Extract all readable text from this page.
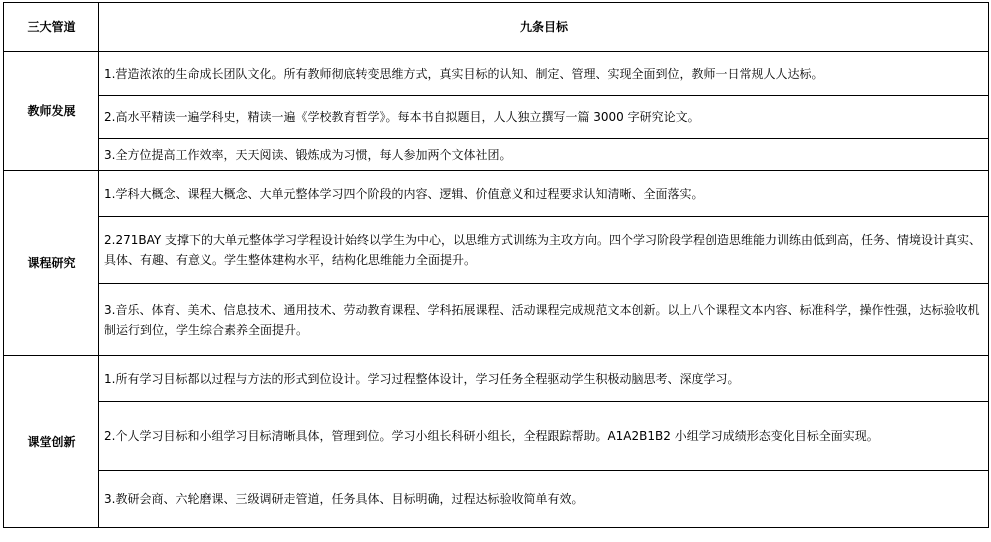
三大管道	九条目标
教师发展	1.营造浓浓的生命成长团队文化。所有教师彻底转变思维方式，真实目标的认知、制定、管理、实现全面到位，教师一日常规人人达标。
	2.高水平精读一遍学科史，精读一遍《学校教育哲学》。每本书自拟题目，人人独立撰写一篇 3000 字研究论文。
	3.全方位提高工作效率，天天阅读、锻炼成为习惯，每人参加两个文体社团。
课程研究	1.学科大概念、课程大概念、大单元整体学习四个阶段的内容、逻辑、价值意义和过程要求认知清晰、全面落实。
	2.271BAY 支撑下的大单元整体学习学程设计始终以学生为中心，以思维方式训练为主攻方向。四个学习阶段学程创造思维能力训练由低到高，任务、情境设计真实、具体、有趣、有意义。学生整体建构水平，结构化思维能力全面提升。
	3.音乐、体育、美术、信息技术、通用技术、劳动教育课程、学科拓展课程、活动课程完成规范文本创新。以上八个课程文本内容、标准科学，操作性强，达标验收机制运行到位，学生综合素养全面提升。
课堂创新	1.所有学习目标都以过程与方法的形式到位设计。学习过程整体设计，学习任务全程驱动学生积极动脑思考、深度学习。
	2.个人学习目标和小组学习目标清晰具体，管理到位。学习小组长科研小组长，全程跟踪帮助。A1A2B1B2 小组学习成绩形态变化目标全面实现。
	3.教研会商、六轮磨课、三级调研走管道，任务具体、目标明确，过程达标验收简单有效。
